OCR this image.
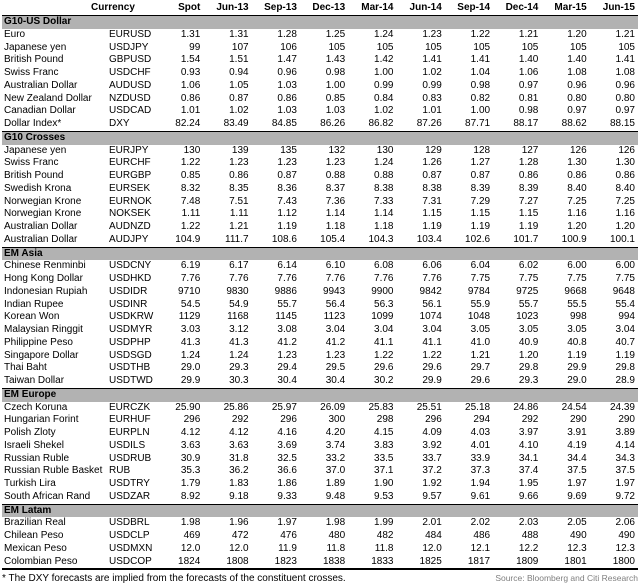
	Currency	Spot	Jun-13	Sep-13	Dec-13	Mar-14	Jun-14	Sep-14	Dec-14	Mar-15	Jun-15
G10-US Dollar											
Euro	EURUSD	1.31	1.31	1.28	1.25	1.24	1.23	1.22	1.21	1.20	1.21
Japanese yen	USDJPY	99	107	106	105	105	105	105	105	105	105
British Pound	GBPUSD	1.54	1.51	1.47	1.43	1.42	1.41	1.41	1.40	1.40	1.41
Swiss Franc	USDCHF	0.93	0.94	0.96	0.98	1.00	1.02	1.04	1.06	1.08	1.08
Australian Dollar	AUDUSD	1.06	1.05	1.03	1.00	0.99	0.99	0.98	0.97	0.96	0.96
New Zealand Dollar	NZDUSD	0.86	0.87	0.86	0.85	0.84	0.83	0.82	0.81	0.80	0.80
Canadian Dollar	USDCAD	1.01	1.02	1.03	1.03	1.02	1.01	1.00	0.98	0.97	0.97
Dollar Index*	DXY	82.24	83.49	84.85	86.26	86.82	87.26	87.71	88.17	88.62	88.15
G10 Crosses											
Japanese yen	EURJPY	130	139	135	132	130	129	128	127	126	126
Swiss Franc	EURCHF	1.22	1.23	1.23	1.23	1.24	1.26	1.27	1.28	1.30	1.30
British Pound	EURGBP	0.85	0.86	0.87	0.88	0.88	0.87	0.87	0.86	0.86	0.86
Swedish Krona	EURSEK	8.32	8.35	8.36	8.37	8.38	8.38	8.39	8.39	8.40	8.40
Norwegian Krone	EURNOK	7.48	7.51	7.43	7.36	7.33	7.31	7.29	7.27	7.25	7.25
Norwegian Krone	NOKSEK	1.11	1.11	1.12	1.14	1.14	1.15	1.15	1.15	1.16	1.16
Australian Dollar	AUDNZD	1.22	1.21	1.19	1.18	1.18	1.19	1.19	1.19	1.20	1.20
Australian Dollar	AUDJPY	104.9	111.7	108.6	105.4	104.3	103.4	102.6	101.7	100.9	100.1
EM Asia											
Chinese Renminbi	USDCNY	6.19	6.17	6.14	6.10	6.08	6.06	6.04	6.02	6.00	6.00
Hong Kong Dollar	USDHKD	7.76	7.76	7.76	7.76	7.76	7.76	7.75	7.75	7.75	7.75
Indonesian Rupiah	USDIDR	9710	9830	9886	9943	9900	9842	9784	9725	9668	9648
Indian Rupee	USDINR	54.5	54.9	55.7	56.4	56.3	56.1	55.9	55.7	55.5	55.4
Korean Won	USDKRW	1129	1168	1145	1123	1099	1074	1048	1023	998	994
Malaysian Ringgit	USDMYR	3.03	3.12	3.08	3.04	3.04	3.04	3.05	3.05	3.05	3.04
Philippine Peso	USDPHP	41.3	41.3	41.2	41.2	41.1	41.1	41.0	40.9	40.8	40.7
Singapore Dollar	USDSGD	1.24	1.24	1.23	1.23	1.22	1.22	1.21	1.20	1.19	1.19
Thai Baht	USDTHB	29.0	29.3	29.4	29.5	29.6	29.6	29.7	29.8	29.9	29.8
Taiwan Dollar	USDTWD	29.9	30.3	30.4	30.4	30.2	29.9	29.6	29.3	29.0	28.9
EM Europe											
Czech Koruna	EURCZK	25.90	25.86	25.97	26.09	25.83	25.51	25.18	24.86	24.54	24.39
Hungarian Forint	EURHUF	296	292	296	300	298	296	294	292	290	290
Polish Zloty	EURPLN	4.12	4.12	4.16	4.20	4.15	4.09	4.03	3.97	3.91	3.89
Israeli Shekel	USDILS	3.63	3.63	3.69	3.74	3.83	3.92	4.01	4.10	4.19	4.14
Russian Ruble	USDRUB	30.9	31.8	32.5	33.2	33.5	33.7	33.9	34.1	34.4	34.3
Russian Ruble Basket	RUB	35.3	36.2	36.6	37.0	37.1	37.2	37.3	37.4	37.5	37.5
Turkish Lira	USDTRY	1.79	1.83	1.86	1.89	1.90	1.92	1.94	1.95	1.97	1.97
South African Rand	USDZAR	8.92	9.18	9.33	9.48	9.53	9.57	9.61	9.66	9.69	9.72
EM Latam											
Brazilian Real	USDBRL	1.98	1.96	1.97	1.98	1.99	2.01	2.02	2.03	2.05	2.06
Chilean Peso	USDCLP	469	472	476	480	482	484	486	488	490	490
Mexican Peso	USDMXN	12.0	12.0	11.9	11.8	11.8	12.0	12.1	12.2	12.3	12.3
Colombian Peso	USDCOP	1824	1808	1823	1838	1833	1825	1817	1809	1801	1800
* The DXY forecasts are implied from the forecasts of the constituent crosses.	Source: Bloomberg and Citi Research
